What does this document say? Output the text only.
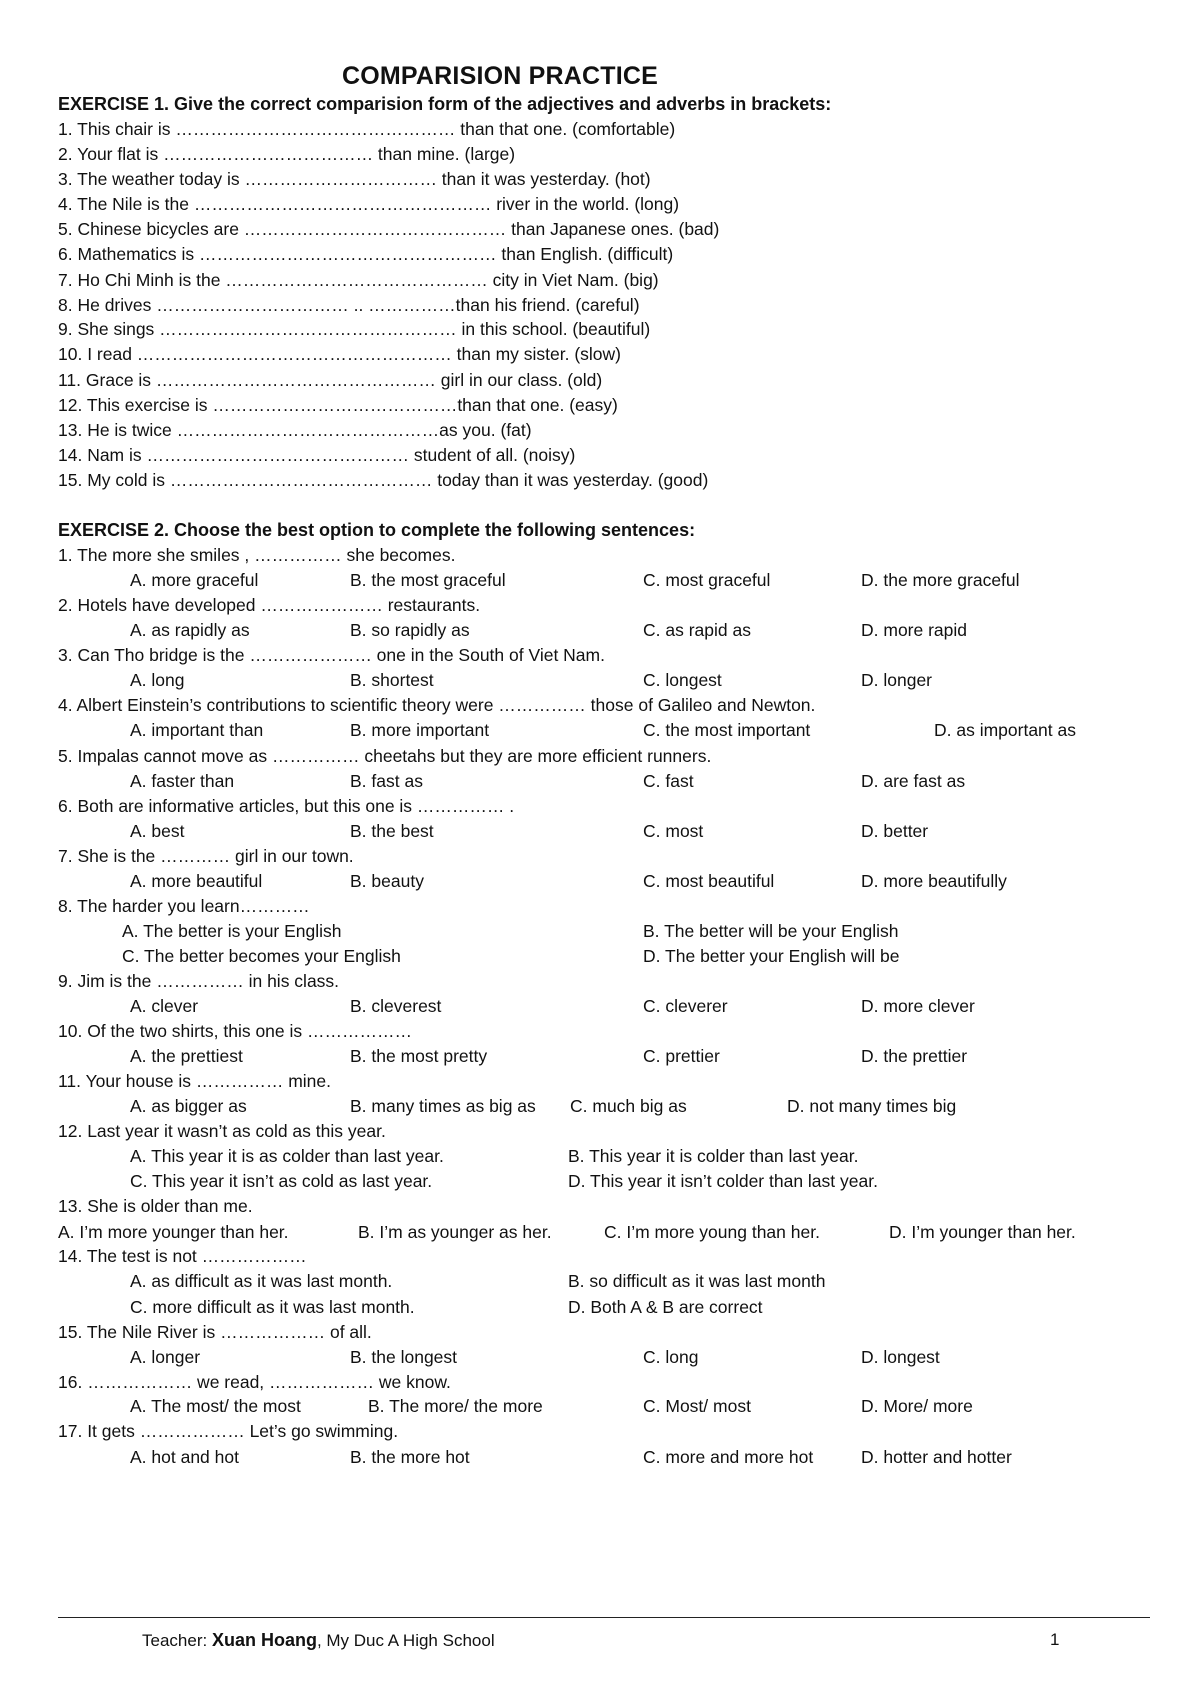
COMPARISION PRACTICE
EXERCISE 1. Give the correct comparision form of the adjectives and adverbs in brackets:
1. This chair is ………………………………………… than that one. (comfortable)
2. Your flat is ……………………………… than mine. (large)
3. The weather today is …………………………… than it was yesterday. (hot)
4. The Nile is the …………………………………………… river in the world. (long)
5. Chinese bicycles are ……………………………………… than Japanese ones. (bad)
6. Mathematics is …………………………………………… than English. (difficult)
7. Ho Chi Minh is the ……………………………………… city in Viet Nam. (big)
8. He drives …………………………… .. ……………than his friend. (careful)
9. She sings …………………………………………… in this school. (beautiful)
10. I read ……………………………………………… than my sister. (slow)
11. Grace is ………………………………………… girl in our class. (old)
12. This exercise is ……………………………………than that one. (easy)
13. He is twice ………………………………………as you. (fat)
14. Nam is ……………………………………… student of all. (noisy)
15. My cold is ……………………………………… today than it was yesterday. (good)
EXERCISE 2. Choose the best option to complete the following sentences:
1. The more she smiles , …………… she becomes.
A. more graceful	B. the most graceful	C. most graceful	D. the more graceful
2. Hotels have developed ………………… restaurants.
A. as rapidly as	B. so rapidly as	C. as rapid as	D. more rapid
3. Can Tho bridge is the ………………… one in the South of Viet Nam.
A. long	B. shortest	C. longest	D. longer
4. Albert Einstein’s contributions to scientific theory were …………… those of Galileo and Newton.
A. important than	B. more important	C. the most important	D. as important as
5. Impalas cannot move as …………… cheetahs but they are more efficient runners.
A. faster than	B. fast as	C. fast	D. are fast as
6. Both are informative articles, but this one is …………… .
A. best	B. the best	C. most	D. better
7. She is the ………… girl in our town.
A. more beautiful	B. beauty	C. most beautiful	D. more beautifully
8. The harder you learn…………
A. The better is your English	B. The better will be your English
C. The better becomes your English	D. The better your English will be
9. Jim is the …………… in his class.
A. clever	B. cleverest	C. cleverer	D. more clever
10. Of the two shirts, this one is ………………
A. the prettiest	B. the most pretty	C. prettier	D. the prettier
11. Your house is …………… mine.
A. as bigger as	B. many times as big as C. much big as	D. not many times big
12. Last year it wasn’t as cold as this year.
A. This year it is as colder than last year.	B. This year it is colder than last year.
C. This year it isn’t as cold as last year.	D. This year it isn’t colder than last year.
13. She is older than me.
A. I’m more younger than her.	B. I’m as younger as her.	C. I’m more young than her.	D. I’m younger than her.
14. The test is not ………………
A. as difficult as it was last month.	B. so difficult as it was last month
C. more difficult as it was last month.	D. Both A & B are correct
15. The Nile River is ……………… of all.
A. longer	B. the longest	C. long	D. longest
16. ……………… we read, ……………… we know.
A. The most/ the most	B. The more/ the more	C. Most/ most	D. More/ more
17. It gets ……………… Let’s go swimming.
A. hot and hot	B. the more hot	C. more and more hot	D. hotter and hotter
Teacher: Xuan Hoang, My Duc A High School	1
